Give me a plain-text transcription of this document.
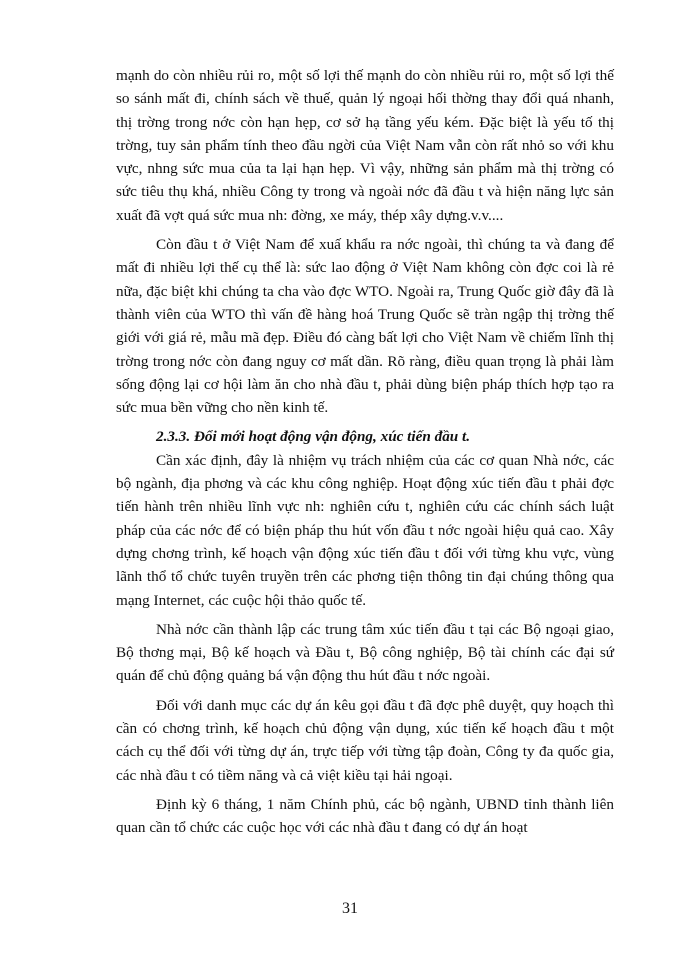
mạnh do còn nhiều rủi ro, một số lợi thế mạnh do còn nhiều rủi ro, một số lợi thế so sánh mất đi, chính sách về thuế, quản lý ngoại hối thờng thay đổi quá nhanh, thị trờng trong nớc còn hạn hẹp, cơ sở hạ tầng yếu kém. Đặc biệt là yếu tố thị trờng, tuy sản phẩm tính theo đầu ngời của Việt Nam vẫn còn rất nhỏ so với khu vực, nhng sức mua của ta lại hạn hẹp. Vì vậy, những sản phẩm mà thị trờng có sức tiêu thụ khá, nhiều Công ty trong và ngoài nớc đã đầu t và hiện năng lực sản xuất đã vợt quá sức mua nh: đờng, xe máy, thép xây dựng.v.v....

Còn đầu t ở Việt Nam để xuấ khẩu ra nớc ngoài, thì chúng ta và đang để mất đi nhiều lợi thế cụ thể là: sức lao động ở Việt Nam không còn đợc coi là rẻ nữa, đặc biệt khi chúng ta cha vào đợc WTO. Ngoài ra, Trung Quốc giờ đây đã là thành viên của WTO thì vấn đề hàng hoá Trung Quốc sẽ tràn ngập thị trờng thế giới với giá rẻ, mẫu mã đẹp. Điều đó càng bất lợi cho Việt Nam về chiếm lĩnh thị trờng trong nớc còn đang nguy cơ mất dần. Rõ ràng, điều quan trọng là phải làm sống động lại cơ hội làm ăn cho nhà đầu t, phải dùng biện pháp thích hợp tạo ra sức mua bền vững cho nền kinh tế.

2.3.3. Đổi mới hoạt động vận động, xúc tiến đầu t.

Cần xác định, đây là nhiệm vụ trách nhiệm của các cơ quan Nhà nớc, các bộ ngành, địa phơng và các khu công nghiệp. Hoạt động xúc tiến đầu t phải đợc tiến hành trên nhiều lĩnh vực nh: nghiên cứu t, nghiên cứu các chính sách luật pháp của các nớc để có biện pháp thu hút vốn đầu t nớc ngoài hiệu quả cao. Xây dựng chơng trình, kế hoạch vận động xúc tiến đầu t đối với từng khu vực, vùng lãnh thổ tổ chức tuyên truyền trên các phơng tiện thông tin đại chúng thông qua mạng Internet, các cuộc hội thảo quốc tế.

Nhà nớc cần thành lập các trung tâm xúc tiến đầu t tại các Bộ ngoại giao, Bộ thơng mại, Bộ kế hoạch và Đầu t, Bộ công nghiệp, Bộ tài chính các đại sứ quán để chủ động quảng bá vận động thu hút đầu t nớc ngoài.

Đối với danh mục các dự án kêu gọi đầu t đã đợc phê duyệt, quy hoạch thì cần có chơng trình, kế hoạch chủ động vận dụng, xúc tiến kế hoạch đầu t một cách cụ thể đối với từng dự án, trực tiếp với từng tập đoàn, Công ty đa quốc gia, các nhà đầu t có tiềm năng và cả việt kiều tại hải ngoại.

Định kỳ 6 tháng, 1 năm Chính phủ, các bộ ngành, UBND tỉnh thành liên quan cần tổ chức các cuộc học với các nhà đầu t đang có dự án hoạt

31
